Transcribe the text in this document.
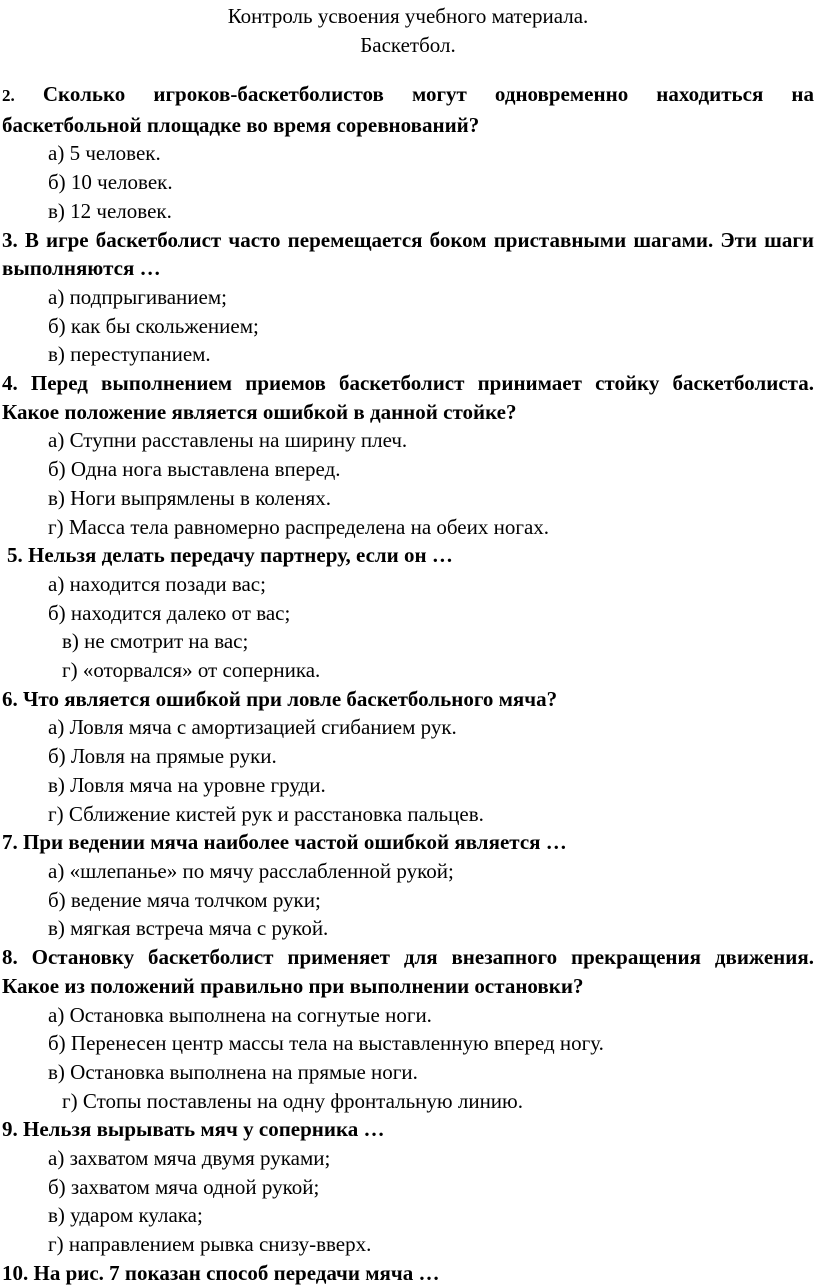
Контроль усвоения учебного материала.
Баскетбол.

2. Сколько игроков-баскетболистов могут одновременно находиться на баскетбольной площадке во время соревнований?

а) 5 человек.

б) 10 человек.

в) 12 человек.

3. В игре баскетболист часто перемещается боком приставными шагами. Эти шаги выполняются …

а) подпрыгиванием;

б) как бы скольжением;

в) переступанием.

4. Перед выполнением приемов баскетболист принимает стойку баскетболиста. Какое положение является ошибкой в данной стойке?

а) Ступни расставлены на ширину плеч.

б) Одна нога выставлена вперед.

в) Ноги выпрямлены в коленях.

г) Масса тела равномерно распределена на обеих ногах.

5. Нельзя делать передачу партнеру, если он …

а) находится позади вас;

б) находится далеко от вас;

в) не смотрит на вас;

г) «оторвался» от соперника.

6. Что является ошибкой при ловле баскетбольного мяча?

а) Ловля мяча с амортизацией сгибанием рук.

б) Ловля на прямые руки.

в) Ловля мяча на уровне груди.

г) Сближение кистей рук и расстановка пальцев.

7. При ведении мяча наиболее частой ошибкой является …

а) «шлепанье» по мячу расслабленной рукой;

б) ведение мяча толчком руки;

в) мягкая встреча мяча с рукой.

8. Остановку баскетболист применяет для внезапного прекращения движения. Какое из положений правильно при выполнении остановки?

а) Остановка выполнена на согнутые ноги.

б) Перенесен центр массы тела на выставленную вперед ногу.

в) Остановка выполнена на прямые ноги.

г) Стопы поставлены на одну фронтальную линию.

9. Нельзя вырывать мяч у соперника …

а) захватом мяча двумя руками;

б) захватом мяча одной рукой;

в) ударом кулака;

г) направлением рывка снизу-вверх.

10. На рис. 7 показан способ передачи мяча …
